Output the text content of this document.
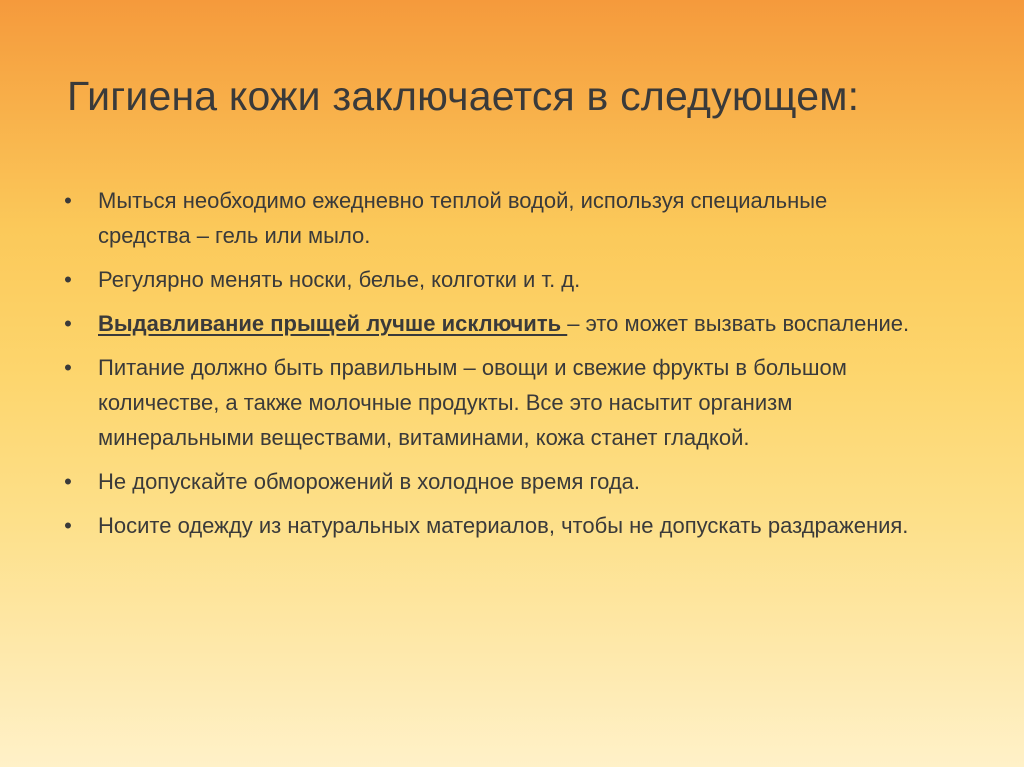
Гигиена кожи заключается в следующем:
• Мыться необходимо ежедневно теплой водой, используя специальные средства – гель или мыло.
• Регулярно менять носки, белье, колготки и т. д.
• Выдавливание прыщей лучше исключить – это может вызвать воспаление.
• Питание должно быть правильным – овощи и свежие фрукты в большом количестве, а также молочные продукты. Все это насытит организм минеральными веществами, витаминами, кожа станет гладкой.
• Не допускайте обморожений в холодное время года.
• Носите одежду из натуральных материалов, чтобы не допускать раздражения.
